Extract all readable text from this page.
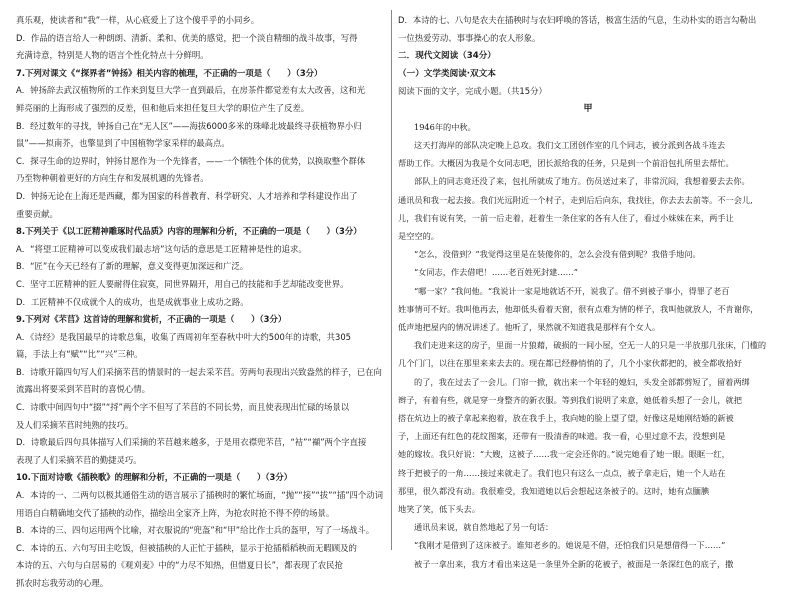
真乐观，使读者和“我”一样，从心底爱上了这个傻乎乎的小同乡。

D．作品的语言给人一种朗朗、清新、柔和、优美的感觉，把一个淡自精细的战斗故事，写得

充满诗意，特别是人物的语言个性化特点十分鲜明。

7.下列对课文《“探界者”钟扬》相关内容的梳理，不正确的一项是（　　）（3分）

A．钟扬辞去武汉植物所的工作来到复旦大学一直到最后，在房茶件都觉差有太大改善，这和光

鲜亮丽的上海形成了强烈的反差，但和他后来担任复旦大学的职位产生了反差。

B．经过数年的寻找，钟扬自己在“无人区”——海拔6000多米的珠峰北坡最终寻获植物界小归

鼠”——拟南芥，也擎显到了中国植物学家采样的最高点。

C．探寻生命的边界时，钟扬甘愿作为一个先锋者，——一个牺牲个体的优势，以换取整个群体

乃至物种朝着更好的方向生存和发展机遇的先锋者。

D．钟扬无论在上海还是西藏，都为国家的科普教育、科学研究、人才培养和学科建设作出了

重要贡献。

8.下列关于《以工匠精神雕琢时代品质》内容的理解和分析，不正确的一项是（　　）（3分）

A．“将望工匠精神可以变成我们最志培”这句话的意思是工匠精神是性的追求。

B．“匠”在今天已经有了新的理解，意义变得更加深远和广泛。

C．坚守工匠精神的匠人要耐得住寂寞，同世界隔开，用自己的技能和手艺却能改变世界。

D．工匠精神不仅成就个人的成功，也是成就事业上成功之路。

9.下列对《芣苢》这首诗的理解和赏析，不正确的一项是（　　）（3分）

A．《诗经》是我国最早的诗歌总集，收集了西周初年至春秋中叶大约500年的诗歌，共305

篇，手法上有“赋”“比”“兴”三种。

B．诗歌开篇四句写人们采摘芣苢的情景时的一起去采芣苢。劳两句表现出兴致盎然的样子，已在向

流露出将要采到芣苢时的喜悦心情。

C．诗歌中间四句中“掇”“捋”两个字不但写了芣苢的不同长势，而且使表现出忙碌的场景以

及人们采摘芣苢时纯熟的技巧。

D．诗歌最后四句具体描写人们采摘的芣苢越来越多，于是用衣襟兜芣苢，“袺”“襭”两个字直接

表现了人们采摘芣苢的勤捷灵巧。

10.下面对诗歌《插秧歌》的理解和分析，不正确的一项是（　　）（3分）

A．本诗的一、二两句以极其通俗生动的语言展示了插秧时的繁忙场面，“抛”“接”“拔”“插”四个动词

用语自白精确地交代了插秧的动作，描绘出全家齐上阵，为抢农时抢不得不停的场景。

B．本诗的三、四句运用两个比喻，对衣服说的“兜盔”和“甲”给比作士兵的盔甲，写了一场战斗。

C．本诗的五、六句写田主吃饭，但被插秧的人正忙于插秧，显示于抢插稻稻秧而无暇顾及的

本诗的五、六句与白居易的《观刈麦》中的“力尽不知热，但惜夏日长”，都表现了农民抢

抓农时忘我劳动的心理。

D．本诗的七、八句是农夫在插秧时与农妇呼唤的答话，极富生活的气息，生动朴实的语言勾勒出

一位热爱劳动、事事操心的农人形象。

二．现代文阅读（34分）

（一）文学类阅读·双文本

阅读下面的文字，完成小题。（共15分）

甲

1946年的中秋。

这天打海岸的部队决定晚上总攻。我们文工团创作室的几个同志，被分派到各战斗连去

帮助工作。大概因为我是个女同志吧，团长派给我的任务，只是到一个前沿包扎所里去帮忙。

部队上的同志竟还没了来，包扎所就成了地方。伤员送过来了，非常沉闷，我想着要去去你。

通讯员和我一起去接。我们光远附近一个村子，走到后后向东，我找往，你去去去前等。不一会儿,

儿，我们有说有笑，一前一后走着，赶着生一条住家的各有人住了，看过小妹妹在来，两手让

是空空的。

“怎么，没借到？”我觉得这里是在装傻你的，怎么会没有借到呢？我借手地问。

“女同志，作去借吧！……老百姓死封建……”

“哪一家？”我问他。“我说计一家是地就话不开，说我了。借不到被子事小，得罪了老百

姓事情可不好。我叫他再去，他却低头看着天窗，很有点难为情的样子，我叫他就放人，不肯谢你，

低声地把屋内的情况讲述了。他听了，果然就不知道我是那样有个女人。

我们走进来这的房子，里面一片狼藉，破损的一间小屋，空无一人的只是一半放那几张床，门槛的

几个门门，以往在那里来来去去的。现在都已经静悄悄的了，几个小家伙都把的，被全都收拾好

的了，我在过去了一会儿。门帘一掀，就出来一个年轻的媳妇，头发全部都剪短了，留着两绑

辫子，有着有些，就是穿一身整齐的新衣服。等到我们说明了来意，她低着头想了一会儿，就把

搭在炕边上的被子拿起来抱着，放在我手上，我向她的脸上望了望，好像这是她刚结婚的新被

子，上面还有红色的花纹图案，还带有一股清香的味道。我一看，心里过意不去，没想到是

她的嫁妆。我只好说：“大嫂，这被子……我一定会还你的。”说完她看了她一眼。眼眶一红，

终于把被子的一角……接过来就走了。我们也只有这么一点点，被子拿走后，她一个人站在

那里，很久都没有动。我很难受，我知道她以后会想起这条被子的。这时，她有点腼腆

地笑了笑，低下头去。

通讯员来说，就自然地起了另一句话：

“我刚才是借到了这床被子。谁知老乡的。她说是不借，还怕我们只是想借得一下……”

被子一拿出来，我方才看出来这是一条里外全新的花被子，被面是一条深红色的底子，撒
